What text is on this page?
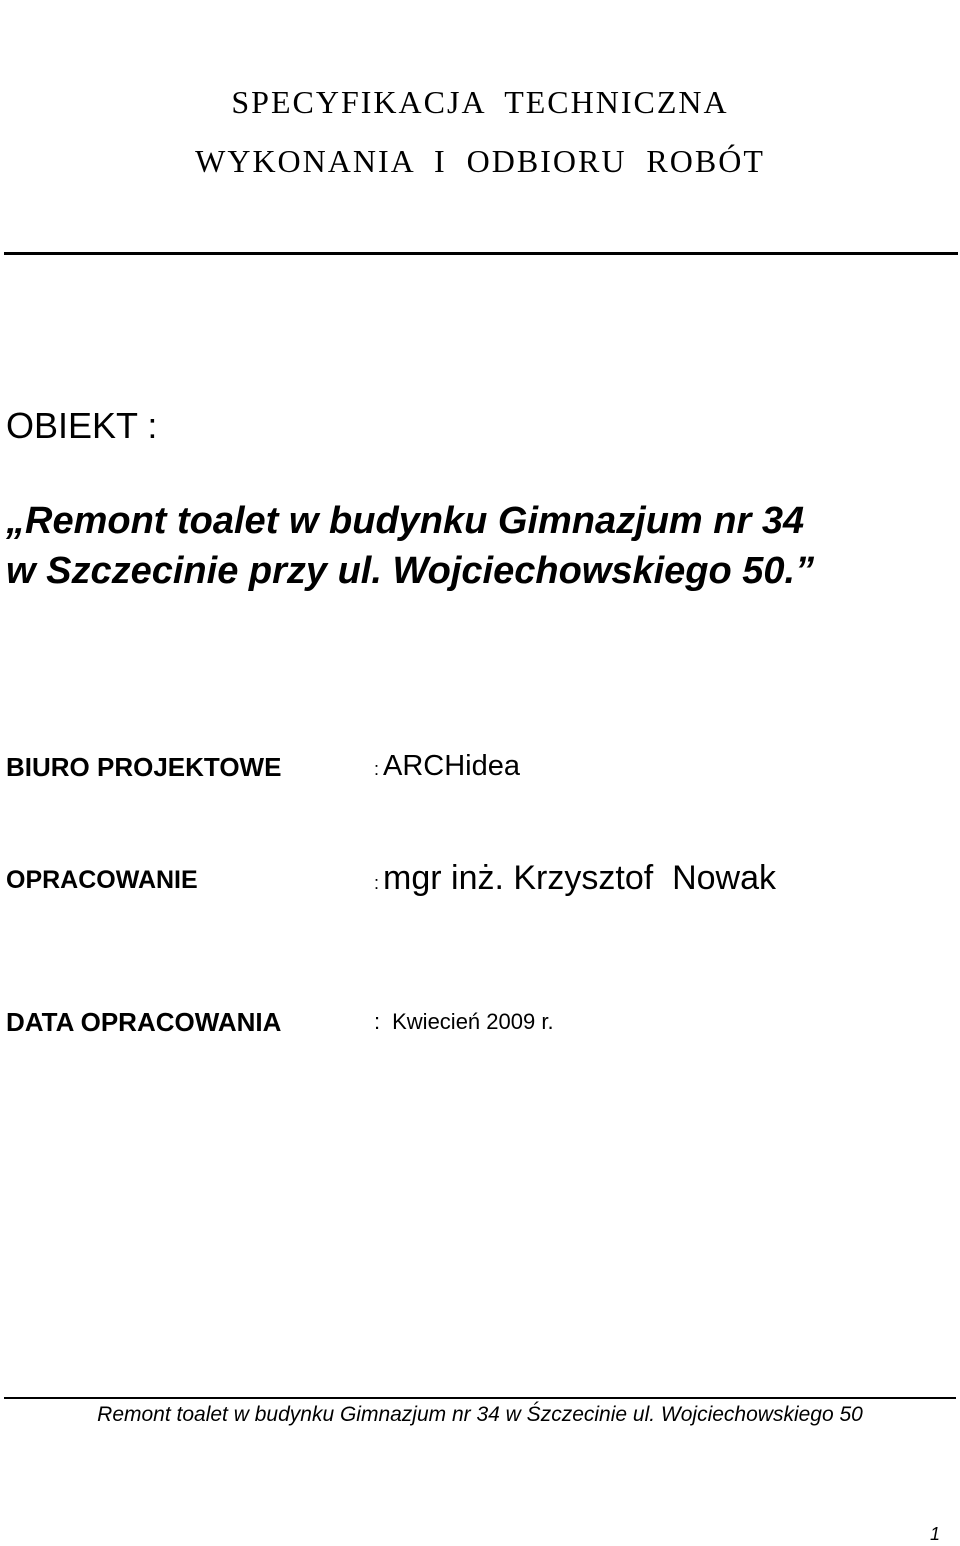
SPECYFIKACJA  TECHNICZNA
WYKONANIA  I  ODBIORU  ROBÓT
OBIEKT :
„Remont toalet w budynku Gimnazjum nr 34
w Szczecinie przy ul. Wojciechowskiego 50.”
BIURO PROJEKTOWE	: ARCHidea
OPRACOWANIE	: mgr inż. Krzysztof  Nowak
DATA OPRACOWANIA	: Kwiecień 2009 r.
Remont toalet w budynku Gimnazjum nr 34 w Śzczecinie ul. Wojciechowskiego 50
1
